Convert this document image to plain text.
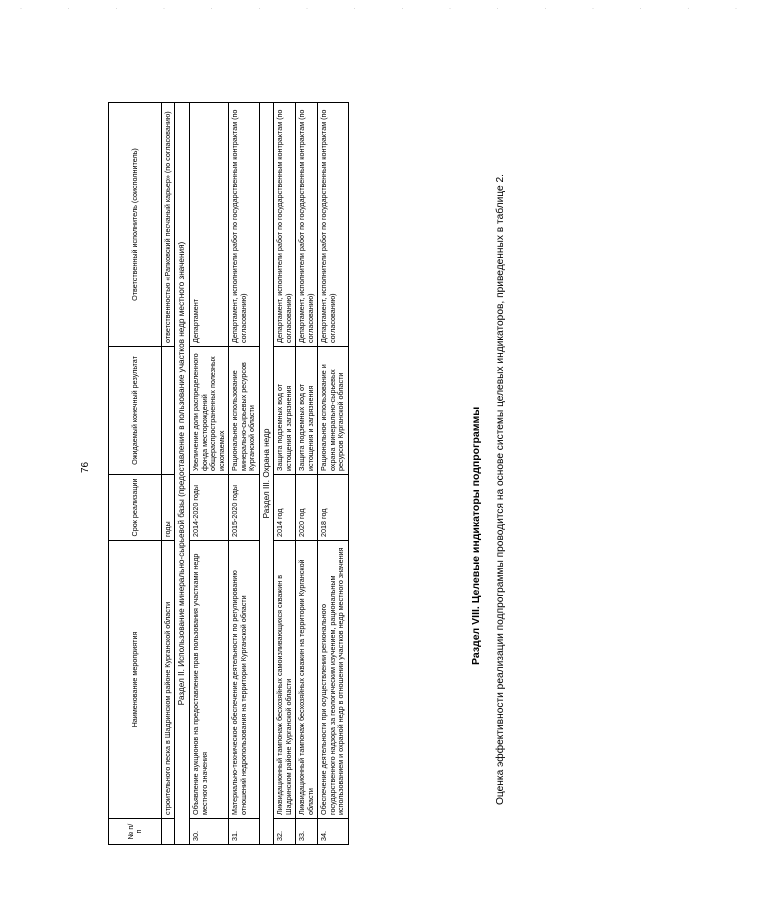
· · · · · · · · · · · · · · · ·
76
№ п/п	Наименование мероприятия	Срок реализации	Ожидаемый конечный результат	Ответственный исполнитель (соисполнитель)
	строительного песка в Шадринском районе Курганской области	годы		ответственностью «Рапковский песчаный карьер» (по согласованию)
Раздел II. Использование минерально-сырьевой базы (предоставление в пользование участков недр местного значения)				
30.	Объявление аукционов на предоставление прав пользования участками недр местного значения	2014-2020 годы	Увеличение доли распределенного фонда месторождений общераспространенных полезных ископаемых	Департамент
31.	Материально-техническое обеспечение деятельности по регулированию отношений недропользования на территории Курганской области	2015-2020 годы	Рациональное использование минерально-сырьевых ресурсов Курганской области	Департамент, исполнители работ по государственным контрактам (по согласованию)
Раздел III. Охрана недр				
32.	Ликвидационный тампонаж бесхозяйных самоизливающихся скважин в Шадринском районе Курганской области	2014 год	Защита подземных вод от истощения и загрязнения	Департамент, исполнители работ по государственным контрактам (по согласованию)
33.	Ликвидационный тампонаж бесхозяйных скважин на территории Курганской области	2020 год	Защита подземных вод от истощения и загрязнения	Департамент, исполнители работ по государственным контрактам (по согласованию)
34.	Обеспечение деятельности при осуществлении регионального государственного надзора за геологическим изучением, рациональным использованием и охраной недр в отношении участков недр местного значения	2018 год	Рациональное использование и охрана минерально-сырьевых ресурсов Курганской области	Департамент, исполнители работ по государственным контрактам (по согласованию)
Раздел VIII. Целевые индикаторы подпрограммы Оценка эффективности реализации подпрограммы проводится на основе системы целевых индикаторов, приведенных в таблице 2.
